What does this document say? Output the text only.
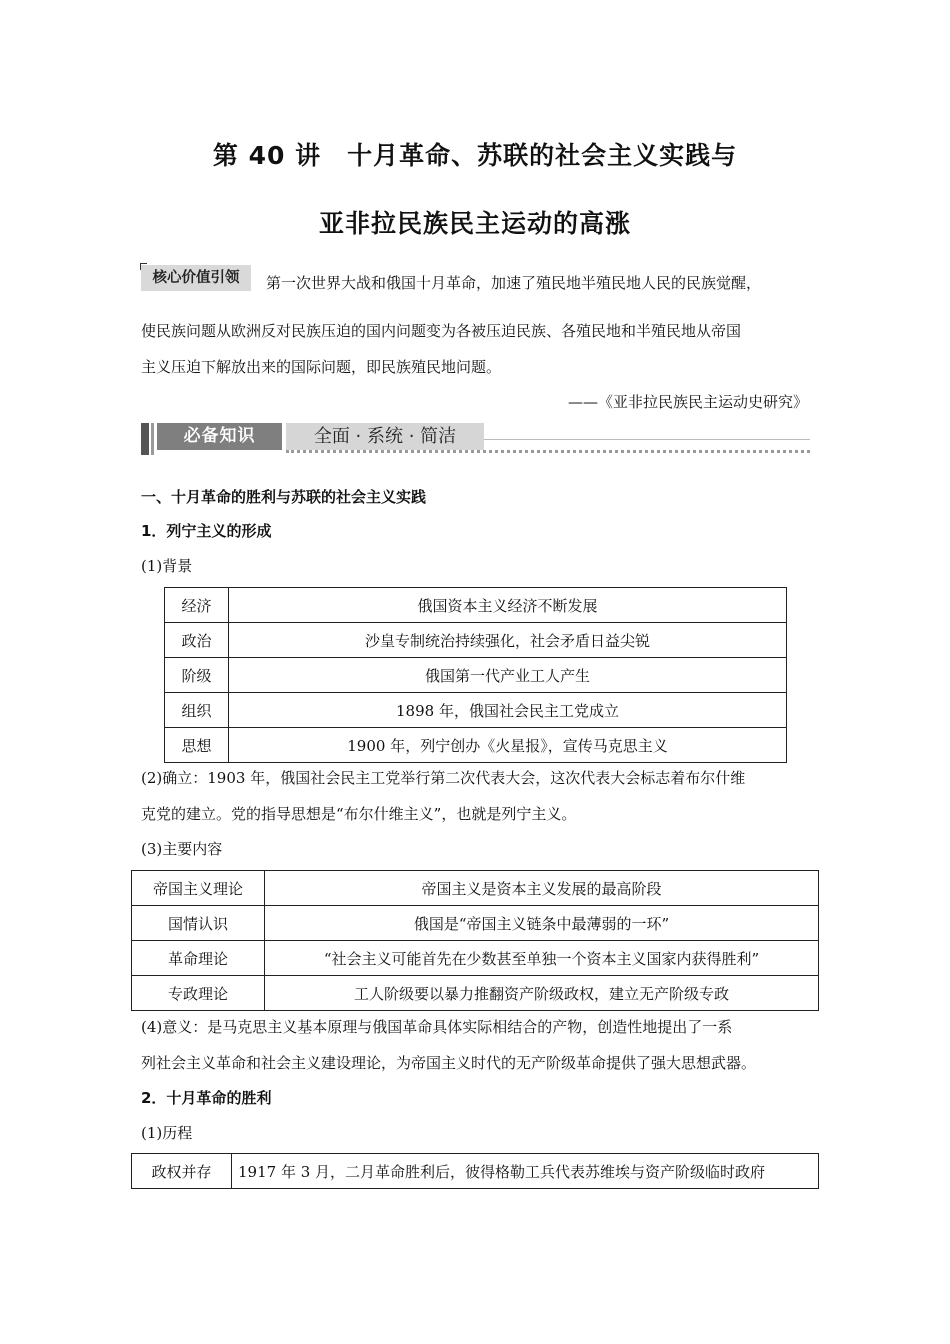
第 40 讲　十月革命、苏联的社会主义实践与
亚非拉民族民主运动的高涨
核心价值引领	第一次世界大战和俄国十月革命，加速了殖民地半殖民地人民的民族觉醒，
使民族问题从欧洲反对民族压迫的国内问题变为各被压迫民族、各殖民地和半殖民地从帝国
主义压迫下解放出来的国际问题，即民族殖民地问题。
——《亚非拉民族民主运动史研究》
必备知识	全面 · 系统 · 简洁
一、十月革命的胜利与苏联的社会主义实践
1．列宁主义的形成
(1)背景
经济	俄国资本主义经济不断发展
政治	沙皇专制统治持续强化，社会矛盾日益尖锐
阶级	俄国第一代产业工人产生
组织	1898 年，俄国社会民主工党成立
思想	1900 年，列宁创办《火星报》，宣传马克思主义
(2)确立：1903 年，俄国社会民主工党举行第二次代表大会，这次代表大会标志着布尔什维
克党的建立。党的指导思想是“布尔什维主义”，也就是列宁主义。
(3)主要内容
帝国主义理论	帝国主义是资本主义发展的最高阶段
国情认识	俄国是“帝国主义链条中最薄弱的一环”
革命理论	“社会主义可能首先在少数甚至单独一个资本主义国家内获得胜利”
专政理论	工人阶级要以暴力推翻资产阶级政权，建立无产阶级专政
(4)意义：是马克思主义基本原理与俄国革命具体实际相结合的产物，创造性地提出了一系
列社会主义革命和社会主义建设理论，为帝国主义时代的无产阶级革命提供了强大思想武器。
2．十月革命的胜利
(1)历程
政权并存	1917 年 3 月，二月革命胜利后，彼得格勒工兵代表苏维埃与资产阶级临时政府
